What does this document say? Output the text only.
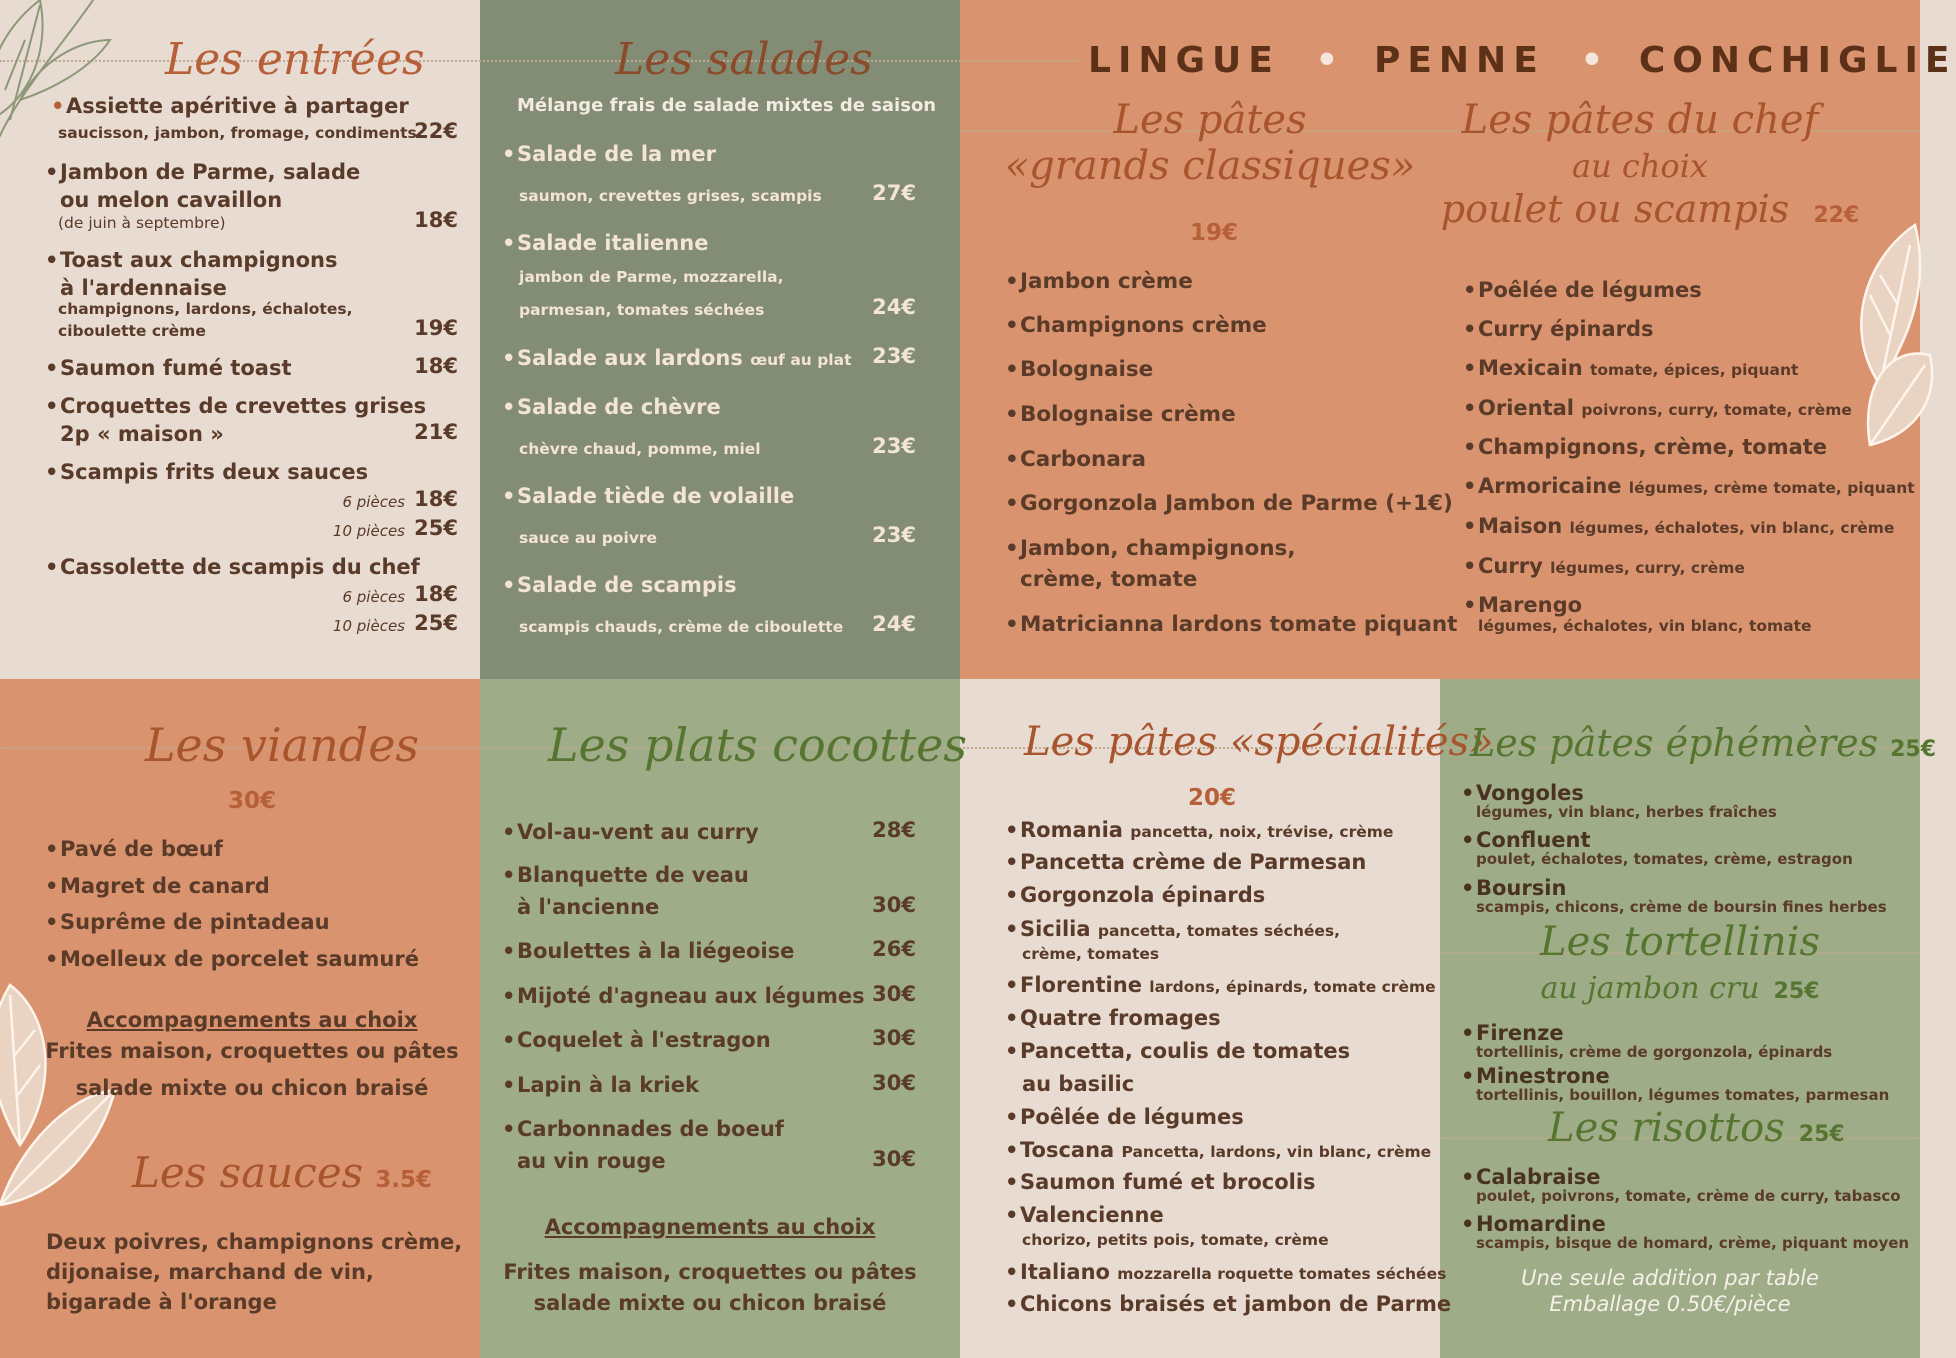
Les entrées
• Assiette apéritive à partager
saucisson, jambon, fromage, condiments
22€
• Jambon de Parme, salade
ou melon cavaillon
(de juin à septembre)	18€
• Toast aux champignons
à l'ardennaise
champignons, lardons, échalotes,
ciboulette crème	19€
• Saumon fumé toast	18€
• Croquettes de crevettes grises
2p « maison »	21€
• Scampis frits deux sauces
6 pièces 18€
10 pièces 25€
• Cassolette de scampis du chef
6 pièces 18€
10 pièces 25€
Les salades
Mélange frais de salade mixtes de saison
• Salade de la mer
saumon, crevettes grises, scampis 27€
• Salade italienne
jambon de Parme, mozzarella,
parmesan, tomates séchées	24€
• Salade aux lardons œuf au plat 23€
• Salade de chèvre
chèvre chaud, pomme, miel	23€
• Salade tiède de volaille
sauce au poivre	23€
• Salade de scampis
scampis chauds, crème de ciboulette 24€
LINGUE • PENNE • CONCHIGLIE
Les pâtes
«grands classiques»
19€
• Jambon crème
• Champignons crème
• Bolognaise
• Bolognaise crème
• Carbonara
• Gorgonzola Jambon de Parme (+1€)
• Jambon, champignons,
crème, tomate
• Matricianna lardons tomate piquant
Les pâtes du chef
au choix
poulet ou scampis 22€
• Poêlée de légumes
• Curry épinards
• Mexicain tomate, épices, piquant
• Oriental poivrons, curry, tomate, crème
• Champignons, crème, tomate
• Armoricaine légumes, crème tomate, piquant
• Maison légumes, échalotes, vin blanc, crème
• Curry légumes, curry, crème
• Marengo
légumes, échalotes, vin blanc, tomate
Les viandes
30€
• Pavé de bœuf
• Magret de canard
• Suprême de pintadeau
• Moelleux de porcelet saumuré
Accompagnements au choix
Frites maison, croquettes ou pâtes
salade mixte ou chicon braisé
Les sauces 3.5€
Deux poivres, champignons crème,
dijonaise, marchand de vin,
bigarade à l'orange
Les plats cocottes
• Vol-au-vent au curry	28€
• Blanquette de veau
à l'ancienne	30€
• Boulettes à la liégeoise	26€
• Mijoté d'agneau aux légumes 30€
• Coquelet à l'estragon	30€
• Lapin à la kriek	30€
• Carbonnades de boeuf
au vin rouge	30€
Accompagnements au choix
Frites maison, croquettes ou pâtes
salade mixte ou chicon braisé
Les pâtes «spécialités»
20€
• Romania pancetta, noix, trévise, crème
• Pancetta crème de Parmesan
• Gorgonzola épinards
• Sicilia pancetta, tomates séchées,
crème, tomates
• Florentine lardons, épinards, tomate crème
• Quatre fromages
• Pancetta, coulis de tomates
au basilic
• Poêlée de légumes
• Toscana Pancetta, lardons, vin blanc, crème
• Saumon fumé et brocolis
• Valencienne
chorizo, petits pois, tomate, crème
• Italiano mozzarella roquette tomates séchées
• Chicons braisés et jambon de Parme
Les pâtes éphémères 25€
• Vongoles
légumes, vin blanc, herbes fraîches
• Confluent
poulet, échalotes, tomates, crème, estragon
• Boursin
scampis, chicons, crème de boursin fines herbes
Les tortellinis
au jambon cru 25€
• Firenze
tortellinis, crème de gorgonzola, épinards
• Minestrone
tortellinis, bouillon, légumes tomates, parmesan
Les risottos 25€
• Calabraise
poulet, poivrons, tomate, crème de curry, tabasco
• Homardine
scampis, bisque de homard, crème, piquant moyen
Une seule addition par table
Emballage 0.50€/pièce
